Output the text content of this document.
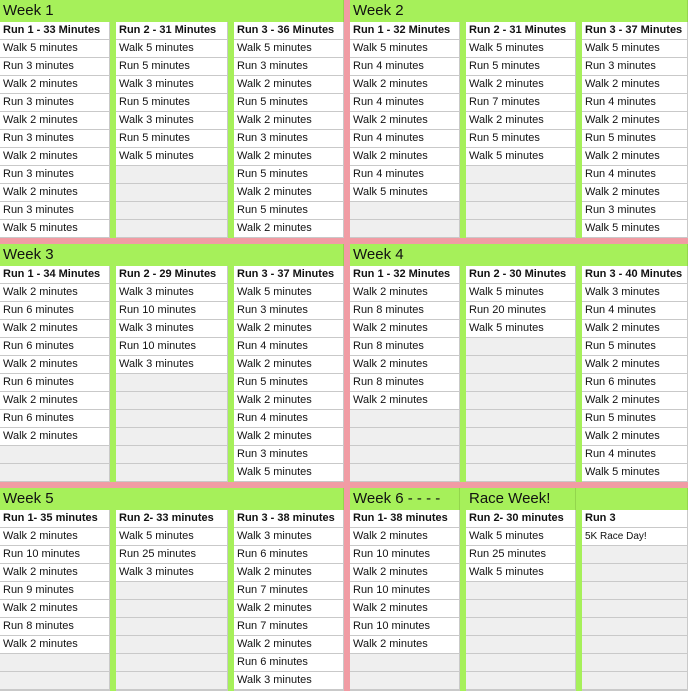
Run 1 - 33 Minutes
Walk 5 minutes
Run 3 minutes
Walk 2 minutes
Run 3 minutes
Walk 2 minutes
Run 3 minutes
Walk 2 minutes
Run 3 minutes
Walk 2 minutes
Run 3 minutes
Walk 5 minutes
Run 2 - 31 Minutes
Walk 5 minutes
Run 5 minutes
Walk 3 minutes
Run 5 minutes
Walk 3 minutes
Run 5 minutes
Walk 5 minutes
Run 3 - 36 Minutes
Walk 5 minutes
Run 3 minutes
Walk 2 minutes
Run 5 minutes
Walk 2 minutes
Run 3 minutes
Walk 2 minutes
Run 5 minutes
Walk 2 minutes
Run 5 minutes
Walk 2 minutes
Week 1
Run 1 - 32 Minutes
Walk 5 minutes
Run 4 minutes
Walk 2 minutes
Run 4 minutes
Walk 2 minutes
Run 4 minutes
Walk 2 minutes
Run 4 minutes
Walk 5 minutes
Run 2 - 31 Minutes
Walk 5 minutes
Run 5 minutes
Walk 2 minutes
Run 7 minutes
Walk 2 minutes
Run 5 minutes
Walk 5 minutes
Run 3 - 37 Minutes
Walk 5 minutes
Run 3 minutes
Walk 2 minutes
Run 4 minutes
Walk 2 minutes
Run 5 minutes
Walk 2 minutes
Run 4 minutes
Walk 2 minutes
Run 3 minutes
Walk 5 minutes
Week 2
Run 1 - 34 Minutes
Walk 2 minutes
Run 6 minutes
Walk 2 minutes
Run 6 minutes
Walk 2 minutes
Run 6 minutes
Walk 2 minutes
Run 6 minutes
Walk 2 minutes
Run 2 - 29 Minutes
Walk 3 minutes
Run 10 minutes
Walk 3 minutes
Run 10 minutes
Walk 3 minutes
Run 3 - 37 Minutes
Walk 5 minutes
Run 3 minutes
Walk 2 minutes
Run 4 minutes
Walk 2 minutes
Run 5 minutes
Walk 2 minutes
Run 4 minutes
Walk 2 minutes
Run 3 minutes
Walk 5 minutes
Week 3
Run 1 - 32 Minutes
Walk 2 minutes
Run 8 minutes
Walk 2 minutes
Run 8 minutes
Walk 2 minutes
Run 8 minutes
Walk 2 minutes
Run 2 - 30 Minutes
Walk 5 minutes
Run 20 minutes
Walk 5 minutes
Run 3 - 40 Minutes
Walk 3 minutes
Run 4 minutes
Walk 2 minutes
Run 5 minutes
Walk 2 minutes
Run 6 minutes
Walk 2 minutes
Run 5 minutes
Walk 2 minutes
Run 4 minutes
Walk 5 minutes
Week 4
Run 1- 35 minutes
Walk 2 minutes
Run 10 minutes
Walk 2 minutes
Run 9 minutes
Walk 2 minutes
Run 8 minutes
Walk 2 minutes
Run 2- 33 minutes
Walk 5 minutes
Run 25 minutes
Walk 3 minutes
Run 3 - 38 minutes
Walk 3 minutes
Run 6 minutes
Walk 2 minutes
Run 7 minutes
Walk 2 minutes
Run 7 minutes
Walk 2 minutes
Run 6 minutes
Walk 3 minutes
Week 5	Race Week!
Run 1- 38 minutes
Walk 2 minutes
Run 10 minutes
Walk 2 minutes
Run 10 minutes
Walk 2 minutes
Run 10 minutes
Walk 2 minutes
Run 2- 30 minutes
Walk 5 minutes
Run 25 minutes
Walk 5 minutes
Run 3
5K Race Day!
Week 6 - - - -
